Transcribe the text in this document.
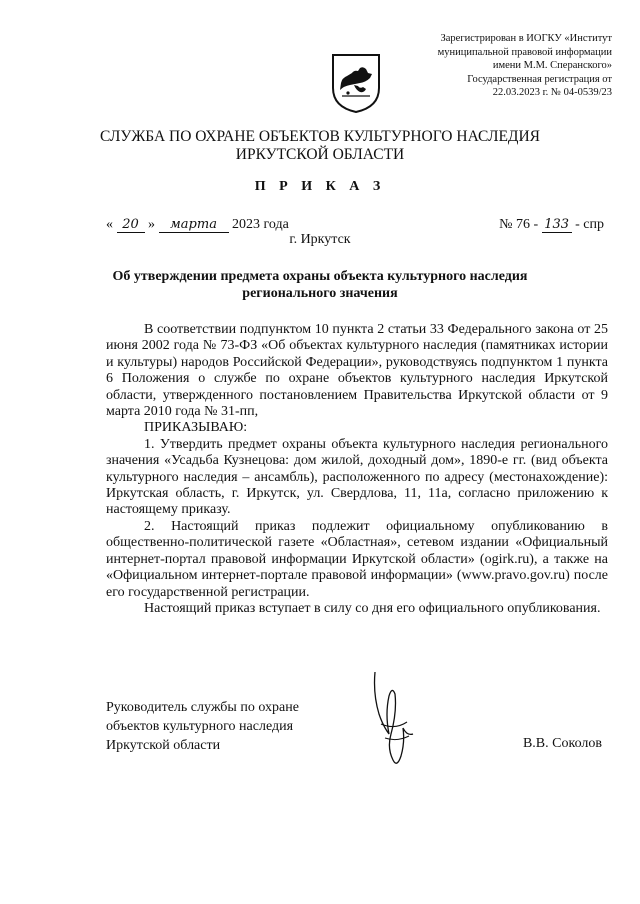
Зарегистрирован в ИОГКУ «Институт
муниципальной правовой информации
имени М.М. Сперанского»
Государственная регистрация от
22.03.2023 г. № 04-0539/23
СЛУЖБА ПО ОХРАНЕ ОБЪЕКТОВ КУЛЬТУРНОГО НАСЛЕДИЯ
ИРКУТСКОЙ ОБЛАСТИ
П Р И К А З
« 20 » марта 2023 года	№ 76 - 133 - спр
г. Иркутск
Об утверждении предмета охраны объекта культурного наследия
регионального значения

В соответствии подпунктом 10 пункта 2 статьи 33 Федерального закона от 25 июня 2002 года № 73-ФЗ «Об объектах культурного наследия (памятниках истории и культуры) народов Российской Федерации», руководствуясь подпунктом 1 пункта 6 Положения о службе по охране объектов культурного наследия Иркутской области, утвержденного постановлением Правительства Иркутской области от 9 марта 2010 года № 31-пп,

ПРИКАЗЫВАЮ:

1. Утвердить предмет охраны объекта культурного наследия регионального значения «Усадьба Кузнецова: дом жилой, доходный дом», 1890-е гг. (вид объекта культурного наследия – ансамбль), расположенного по адресу (местонахождение): Иркутская область, г. Иркутск, ул. Свердлова, 11, 11а, согласно приложению к настоящему приказу.

2. Настоящий приказ подлежит официальному опубликованию в общественно-политической газете «Областная», сетевом издании «Официальный интернет-портал правовой информации Иркутской области» (ogirk.ru), а также на «Официальном интернет-портале правовой информации» (www.pravo.gov.ru) после его государственной регистрации.

Настоящий приказ вступает в силу со дня его официального опубликования.

Руководитель службы по охране
объектов культурного наследия
Иркутской области	В.В. Соколов
